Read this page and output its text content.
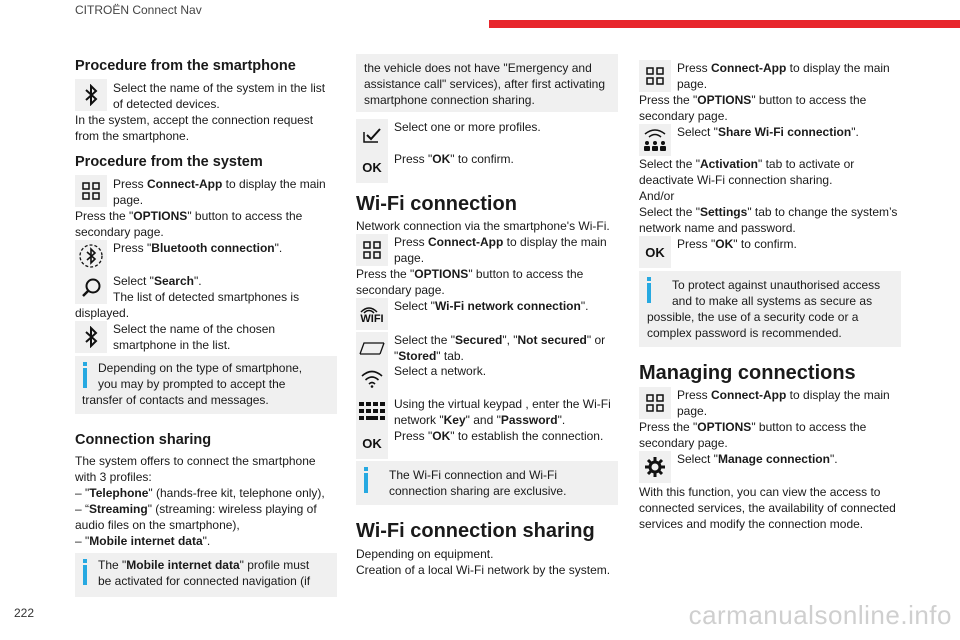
CITROËN Connect Nav
Procedure from the smartphone
Select the name of the system in the list
of detected devices.
In the system, accept the connection request
from the smartphone.
Procedure from the system
Press Connect-App to display the main
page.
Press the "OPTIONS" button to access the
secondary page.
Press "Bluetooth connection".
Select "Search".
The list of detected smartphones is
displayed.
Select the name of the chosen
smartphone in the list.
Depending on the type of smartphone,
you may by prompted to accept the
transfer of contacts and messages.
Connection sharing
The system offers to connect the smartphone
with 3 profiles:
– "Telephone" (hands-free kit, telephone only),
– “Streaming" (streaming: wireless playing of
audio files on the smartphone),
– "Mobile internet data".
The "Mobile internet data" profile must
be activated for connected navigation (if
the vehicle does not have "Emergency and
assistance call" services), after first activating
smartphone connection sharing.
Select one or more profiles.
OK
Press "OK" to confirm.
Wi-Fi connection
Network connection via the smartphone's Wi-Fi.
Press Connect-App to display the main
page.
Press the "OPTIONS" button to access the
secondary page.
WIFI
Select "Wi-Fi network connection".
Select the "Secured", "Not secured" or
"Stored" tab.
Select a network.
Using the virtual keypad , enter the Wi-Fi
network "Key" and "Password".
OK Press "OK" to establish the connection.
The Wi-Fi connection and Wi-Fi
connection sharing are exclusive.
Wi-Fi connection sharing
Depending on equipment.
Creation of a local Wi-Fi network by the system.
Press Connect-App to display the main
page.
Press the "OPTIONS" button to access the
secondary page.
Select "Share Wi-Fi connection".
Select the "Activation" tab to activate or
deactivate Wi-Fi connection sharing.
And/or
Select the "Settings" tab to change the system’s
network name and password.
OK
Press "OK" to confirm.
To protect against unauthorised access
and to make all systems as secure as
possible, the use of a security code or a
complex password is recommended.
Managing connections
Press Connect-App to display the main
page.
Press the "OPTIONS" button to access the
secondary page.
Select "Manage connection".
With this function, you can view the access to
connected services, the availability of connected
services and modify the connection mode.
222	carmanualsonline.info
